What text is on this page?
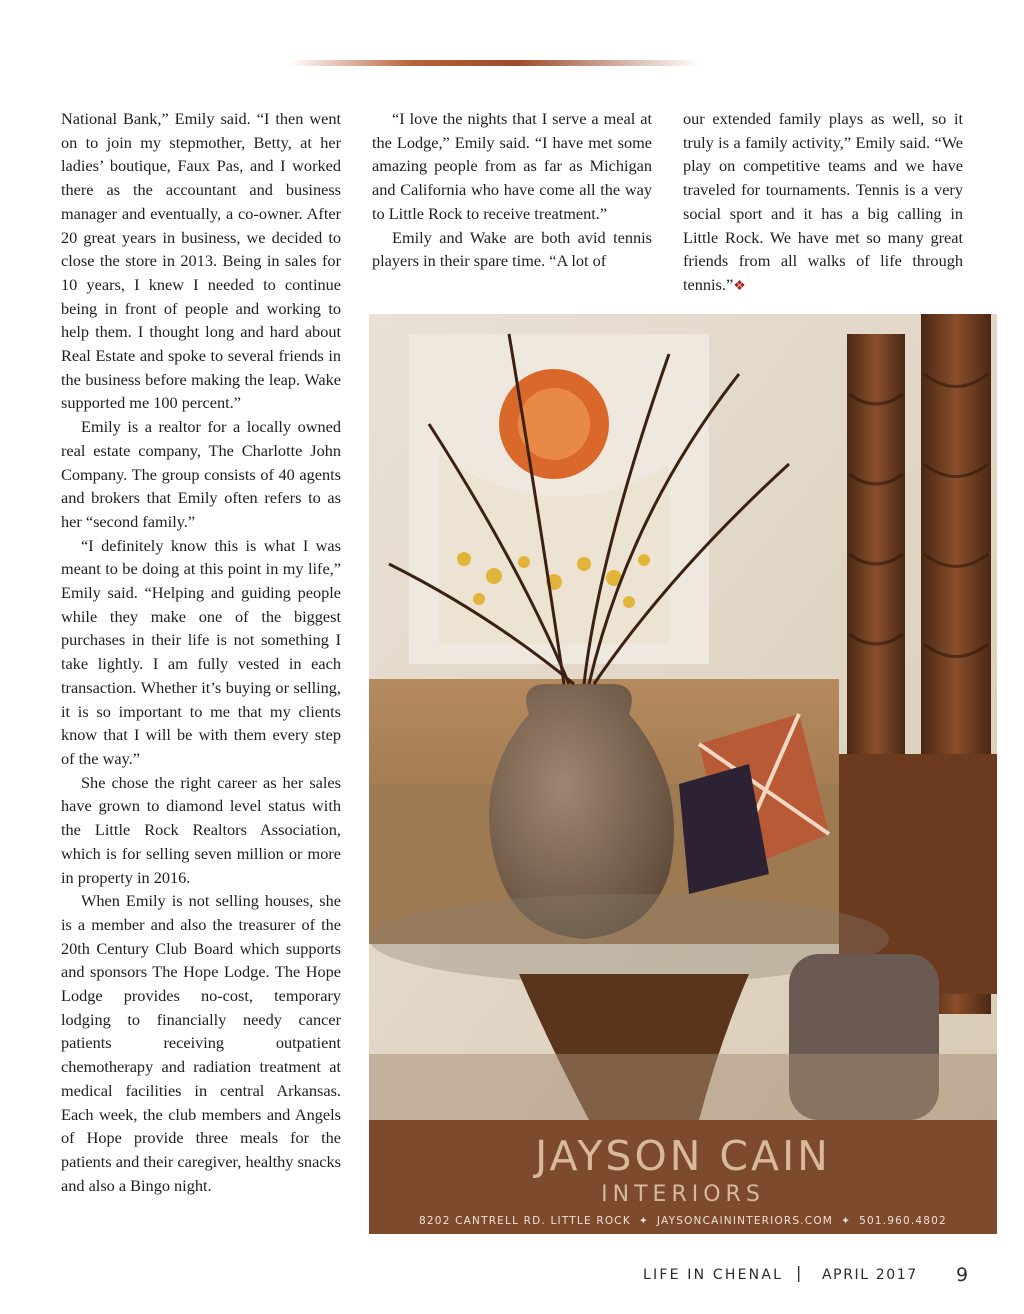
National Bank,” Emily said. “I then went on to join my stepmother, Betty, at her ladies’ boutique, Faux Pas, and I worked there as the accountant and business manager and eventually, a co-owner. After 20 great years in business, we decided to close the store in 2013. Being in sales for 10 years, I knew I needed to continue being in front of people and working to help them. I thought long and hard about Real Estate and spoke to several friends in the business before making the leap. Wake supported me 100 percent.”

Emily is a realtor for a locally owned real estate company, The Charlotte John Company. The group consists of 40 agents and brokers that Emily often refers to as her “second family.”

“I definitely know this is what I was meant to be doing at this point in my life,” Emily said. “Helping and guiding people while they make one of the biggest purchases in their life is not something I take lightly. I am fully vested in each transaction. Whether it’s buying or selling, it is so important to me that my clients know that I will be with them every step of the way.”

She chose the right career as her sales have grown to diamond level status with the Little Rock Realtors Association, which is for selling seven million or more in property in 2016.

When Emily is not selling houses, she is a member and also the treasurer of the 20th Century Club Board which supports and sponsors The Hope Lodge. The Hope Lodge provides no-cost, temporary lodging to financially needy cancer patients receiving outpatient chemotherapy and radiation treatment at medical facilities in central Arkansas. Each week, the club members and Angels of Hope provide three meals for the patients and their caregiver, healthy snacks and also a Bingo night.

“I love the nights that I serve a meal at the Lodge,” Emily said. “I have met some amazing people from as far as Michigan and California who have come all the way to Little Rock to receive treatment.”

Emily and Wake are both avid tennis players in their spare time. “A lot of

our extended family plays as well, so it truly is a family activity,” Emily said. “We play on competitive teams and we have traveled for tournaments. Tennis is a very social sport and it has a big calling in Little Rock. We have met so many great friends from all walks of life through tennis.”❖

JAYSON CAIN
INTERIORS
8202 CANTRELL RD. LITTLE ROCK ✦ JAYSONCAININTERIORS.COM ✦ 501.960.4802
LIFE IN CHENAL | APRIL 2017 9
